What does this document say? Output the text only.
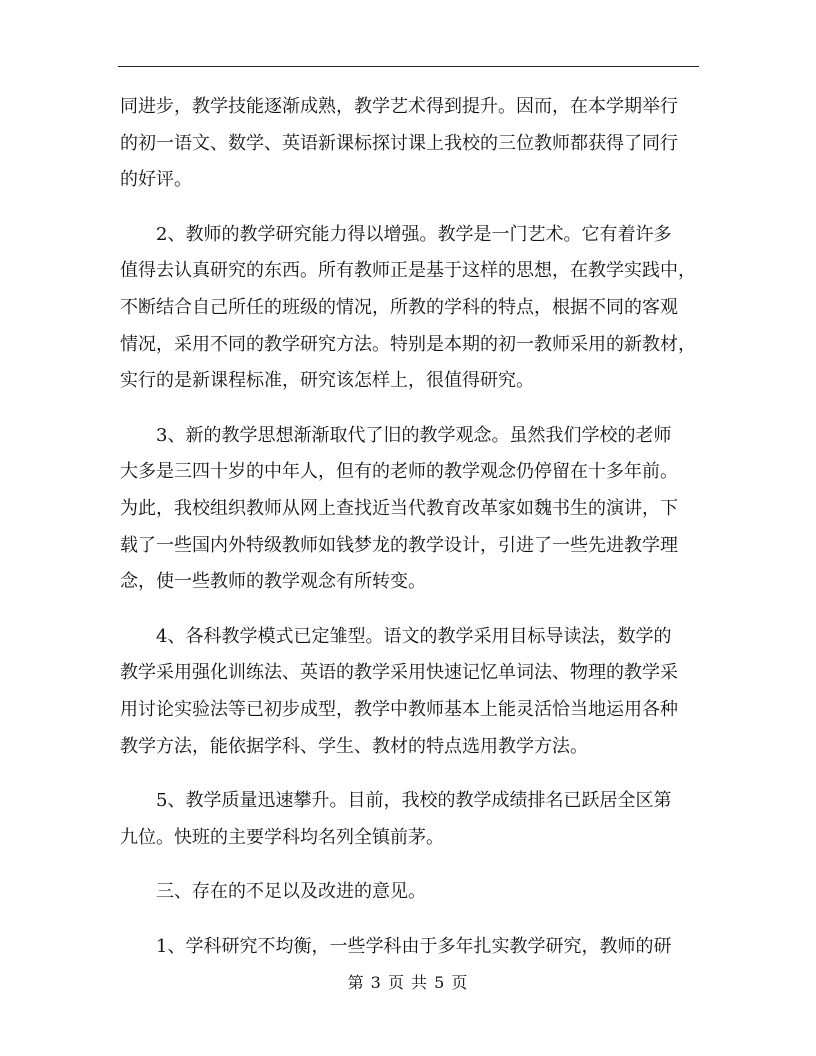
同进步，教学技能逐渐成熟，教学艺术得到提升。因而，在本学期举行
的初一语文、数学、英语新课标探讨课上我校的三位教师都获得了同行
的好评。

　　2、教师的教学研究能力得以增强。教学是一门艺术。它有着许多
值得去认真研究的东西。所有教师正是基于这样的思想，在教学实践中，
不断结合自己所任的班级的情况，所教的学科的特点，根据不同的客观
情况，采用不同的教学研究方法。特别是本期的初一教师采用的新教材，
实行的是新课程标准，研究该怎样上，很值得研究。

　　3、新的教学思想渐渐取代了旧的教学观念。虽然我们学校的老师
大多是三四十岁的中年人，但有的老师的教学观念仍停留在十多年前。
为此，我校组织教师从网上查找近当代教育改革家如魏书生的演讲，下
载了一些国内外特级教师如钱梦龙的教学设计，引进了一些先进教学理
念，使一些教师的教学观念有所转变。

　　4、各科教学模式已定雏型。语文的教学采用目标导读法，数学的
教学采用强化训练法、英语的教学采用快速记忆单词法、物理的教学采
用讨论实验法等已初步成型，教学中教师基本上能灵活恰当地运用各种
教学方法，能依据学科、学生、教材的特点选用教学方法。

　　5、教学质量迅速攀升。目前，我校的教学成绩排名已跃居全区第
九位。快班的主要学科均名列全镇前茅。

　　三、存在的不足以及改进的意见。

　　1、学科研究不均衡，一些学科由于多年扎实教学研究，教师的研

第 3 页 共 5 页
